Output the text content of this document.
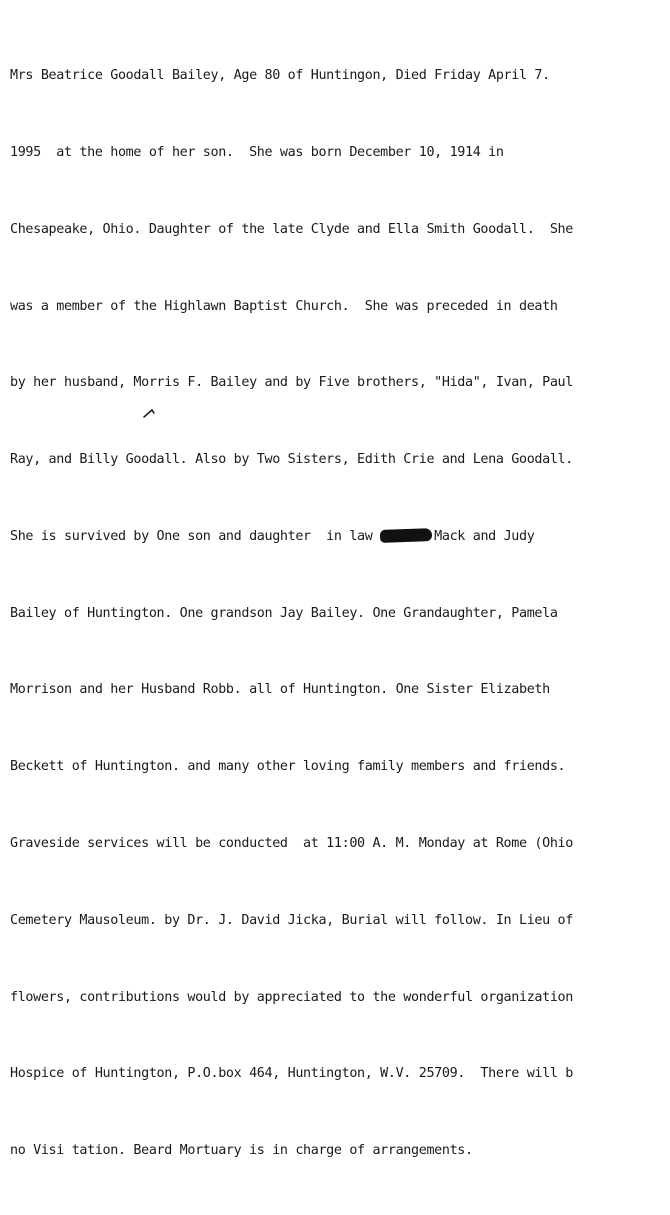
Mrs Beatrice Goodall Bailey, Age 80 of Huntingon, Died Friday April 7.

1995  at the home of her son.  She was born December 10, 1914 in

Chesapeake, Ohio. Daughter of the late Clyde and Ella Smith Goodall.  She

was a member of the Highlawn Baptist Church.  She was preceded in death

by her husband, Morris F. Bailey and by Five brothers, "Hida", Ivan, Paul

Ray, and Billy Goodall. Also by Two Sisters, Edith Crie and Lena Goodall.

She is survived by One son and daughter  in law	Mack and Judy

Bailey of Huntington. One grandson Jay Bailey. One Grandaughter, Pamela

Morrison and her Husband Robb. all of Huntington. One Sister Elizabeth

Beckett of Huntington. and many other loving family members and friends.

Graveside services will be conducted  at 11:00 A. M. Monday at Rome (Ohio

Cemetery Mausoleum. by Dr. J. David Jicka, Burial will follow. In Lieu of

flowers, contributions would by appreciated to the wonderful organization

Hospice of Huntington, P.O.box 464, Huntington, W.V. 25709.  There will b

no Visi tation. Beard Mortuary is in charge of arrangements.
